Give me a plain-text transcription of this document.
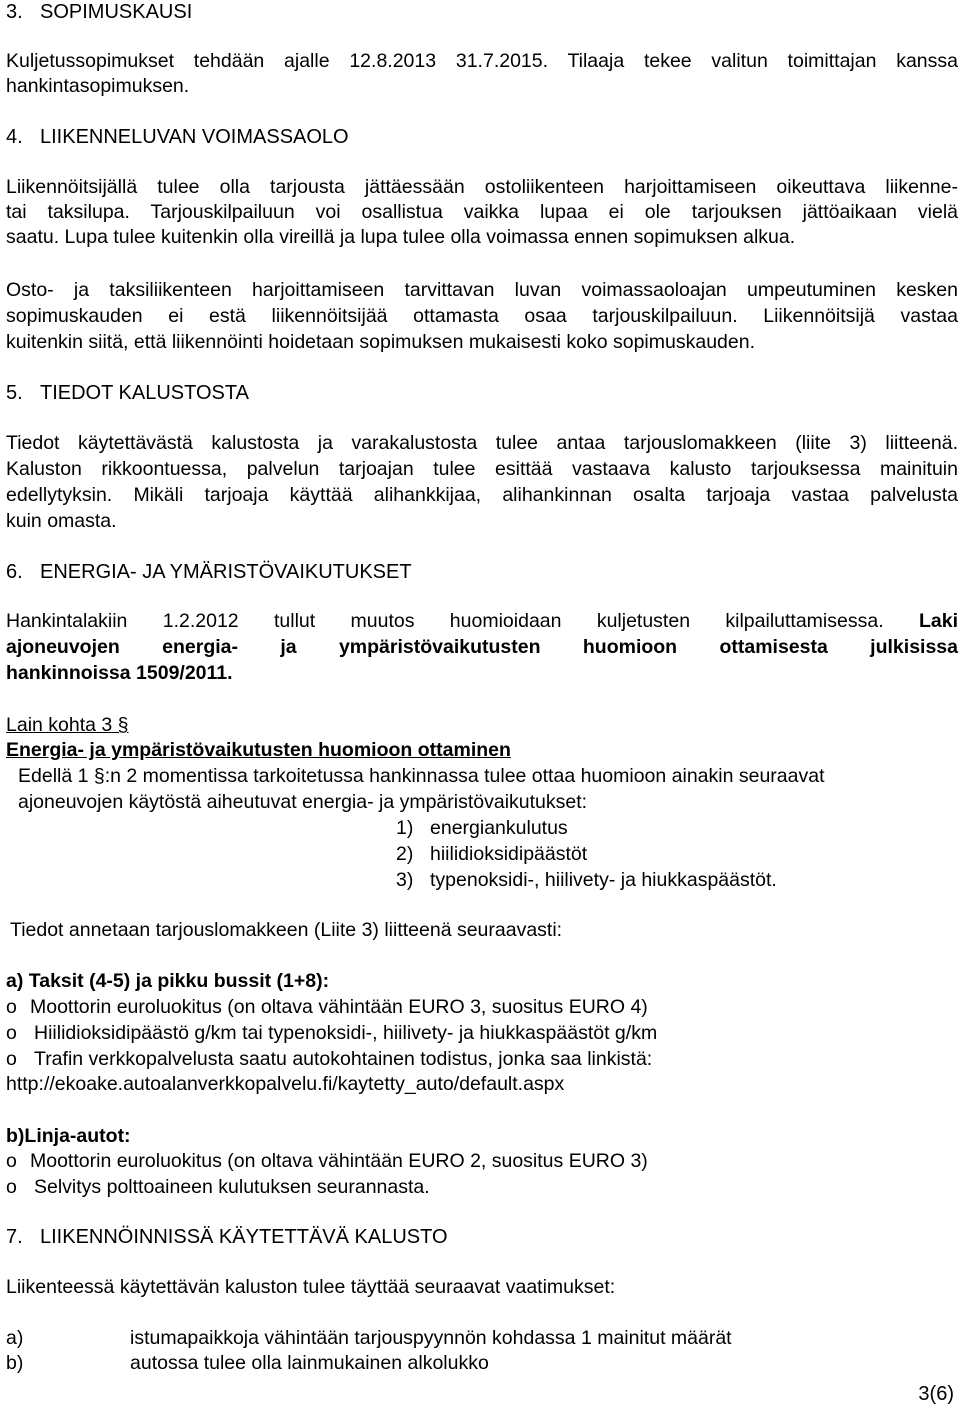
3. SOPIMUSKAUSI
Kuljetussopimukset tehdään ajalle 12.8.2013 31.7.2015. Tilaaja tekee valitun toimittajan kanssa
hankintasopimuksen.
4. LIIKENNELUVAN VOIMASSAOLO
Liikennöitsijällä tulee olla tarjousta jättäessään ostoliikenteen harjoittamiseen oikeuttava liikenne-
tai taksilupa. Tarjouskilpailuun voi osallistua vaikka lupaa ei ole tarjouksen jättöaikaan vielä
saatu. Lupa tulee kuitenkin olla vireillä ja lupa tulee olla voimassa ennen sopimuksen alkua.
Osto- ja taksiliikenteen harjoittamiseen tarvittavan luvan voimassaoloajan umpeutuminen kesken
sopimuskauden ei estä liikennöitsijää ottamasta osaa tarjouskilpailuun. Liikennöitsijä vastaa
kuitenkin siitä, että liikennöinti hoidetaan sopimuksen mukaisesti koko sopimuskauden.
5. TIEDOT KALUSTOSTA
Tiedot käytettävästä kalustosta ja varakalustosta tulee antaa tarjouslomakkeen (liite 3) liitteenä.
Kaluston rikkoontuessa, palvelun tarjoajan tulee esittää vastaava kalusto tarjouksessa mainituin
edellytyksin. Mikäli tarjoaja käyttää alihankkijaa, alihankinnan osalta tarjoaja vastaa palvelusta
kuin omasta.
6. ENERGIA- JA YMÄRISTÖVAIKUTUKSET
Hankintalakiin 1.2.2012 tullut muutos huomioidaan kuljetusten kilpailuttamisessa. Laki
ajoneuvojen energia- ja ympäristövaikutusten huomioon ottamisesta julkisissa
hankinnoissa 1509/2011.
Lain kohta 3 §
Energia- ja ympäristövaikutusten huomioon ottaminen
Edellä 1 §:n 2 momentissa tarkoitetussa hankinnassa tulee ottaa huomioon ainakin seuraavat
ajoneuvojen käytöstä aiheutuvat energia- ja ympäristövaikutukset:
1) energiankulutus
2) hiilidioksidipäästöt
3) typenoksidi-, hiilivety- ja hiukkaspäästöt.
Tiedot annetaan tarjouslomakkeen (Liite 3) liitteenä seuraavasti:
a) Taksit (4-5) ja pikku bussit (1+8):
o Moottorin euroluokitus (on oltava vähintään EURO 3, suositus EURO 4)
o Hiilidioksidipäästö g/km tai typenoksidi-, hiilivety- ja hiukkaspäästöt g/km
o Trafin verkkopalvelusta saatu autokohtainen todistus, jonka saa linkistä:
http://ekoake.autoalanverkkopalvelu.fi/kaytetty_auto/default.aspx
b)Linja-autot:
o Moottorin euroluokitus (on oltava vähintään EURO 2, suositus EURO 3)
o Selvitys polttoaineen kulutuksen seurannasta.
7. LIIKENNÖINNISSÄ KÄYTETTÄVÄ KALUSTO
Liikenteessä käytettävän kaluston tulee täyttää seuraavat vaatimukset:
a)	istumapaikkoja vähintään tarjouspyynnön kohdassa 1 mainitut määrät
b)	autossa tulee olla lainmukainen alkolukko
3(6)
